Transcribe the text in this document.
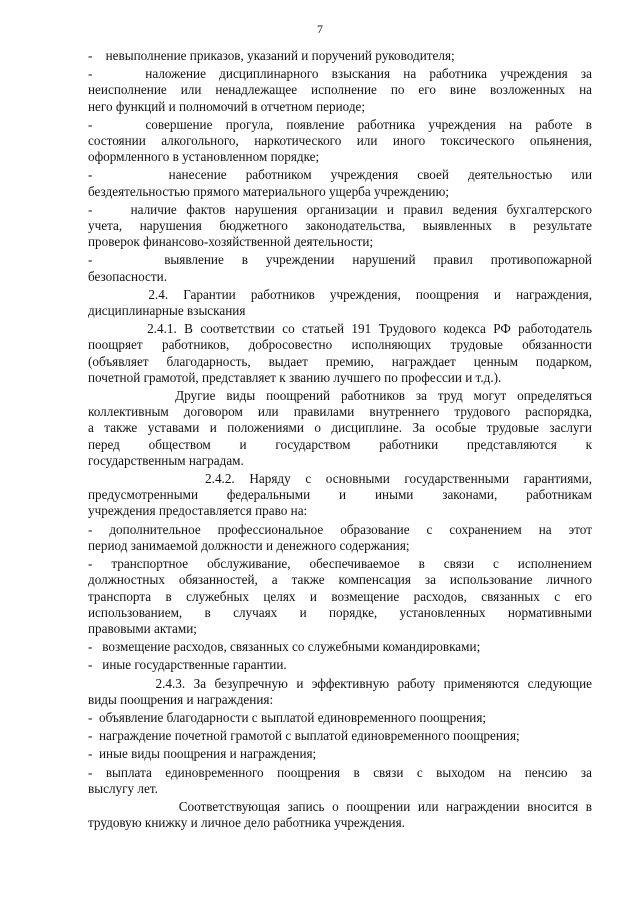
7
-    невыполнение приказов, указаний и поручений руководителя;
-    наложение дисциплинарного взыскания на работника учреждения за
неисполнение или ненадлежащее исполнение по его вине возложенных на
него функций и полномочий в отчетном периоде;
-    совершение прогула, появление работника учреждения на работе в
состоянии алкогольного, наркотического или иного токсического опьянения,
оформленного в установленном порядке;
-    нанесение работником учреждения своей деятельностью или
бездеятельностью прямого материального ущерба учреждению;
-    наличие фактов нарушения организации и правил ведения бухгалтерского
учета, нарушения бюджетного законодательства, выявленных в результате
проверок финансово-хозяйственной деятельности;
-    выявление в учреждении нарушений правил противопожарной
безопасности.
2.4. Гарантии работников учреждения, поощрения и награждения,
дисциплинарные взыскания
2.4.1. В соответствии со статьей 191 Трудового кодекса РФ работодатель
поощряет работников, добросовестно исполняющих трудовые обязанности
(объявляет благодарность, выдает премию, награждает ценным подарком,
почетной грамотой, представляет к званию лучшего по профессии и т.д.).
Другие виды поощрений работников за труд могут определяться
коллективным договором или правилами внутреннего трудового распорядка,
а также уставами и положениями о дисциплине. За особые трудовые заслуги
перед обществом и государством работники представляются к
государственным наградам.
2.4.2. Наряду с основными государственными гарантиями,
предусмотренными федеральными и иными законами, работникам
учреждения предоставляется право на:
- дополнительное профессиональное образование с сохранением на этот
период занимаемой должности и денежного содержания;
- транспортное обслуживание, обеспечиваемое в связи с исполнением
должностных обязанностей, а также компенсация за использование личного
транспорта в служебных целях и возмещение расходов, связанных с его
использованием, в случаях и порядке, установленных нормативными
правовыми актами;
-   возмещение расходов, связанных со служебными командировками;
-   иные государственные гарантии.
2.4.3. За безупречную и эффективную работу применяются следующие
виды поощрения и награждения:
-  объявление благодарности с выплатой единовременного поощрения;
-  награждение почетной грамотой с выплатой единовременного поощрения;
-  иные виды поощрения и награждения;
- выплата единовременного поощрения в связи с выходом на пенсию за
выслугу лет.
Соответствующая запись о поощрении или награждении вносится в
трудовую книжку и личное дело работника учреждения.
